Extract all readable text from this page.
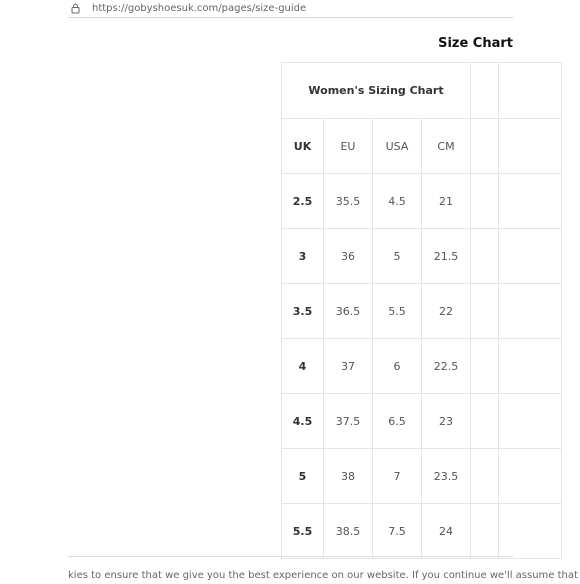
https://gobyshoesuk.com/pages/size-guide
Size Chart
Women's Sizing Chart					
UK	EU	USA	CM		
2.5	35.5	4.5	21		
3	36	5	21.5		
3.5	36.5	5.5	22		
4	37	6	22.5		
4.5	37.5	6.5	23		
5	38	7	23.5		
5.5	38.5	7.5	24		
kies to ensure that we give you the best experience on our website. If you continue we'll assume that
